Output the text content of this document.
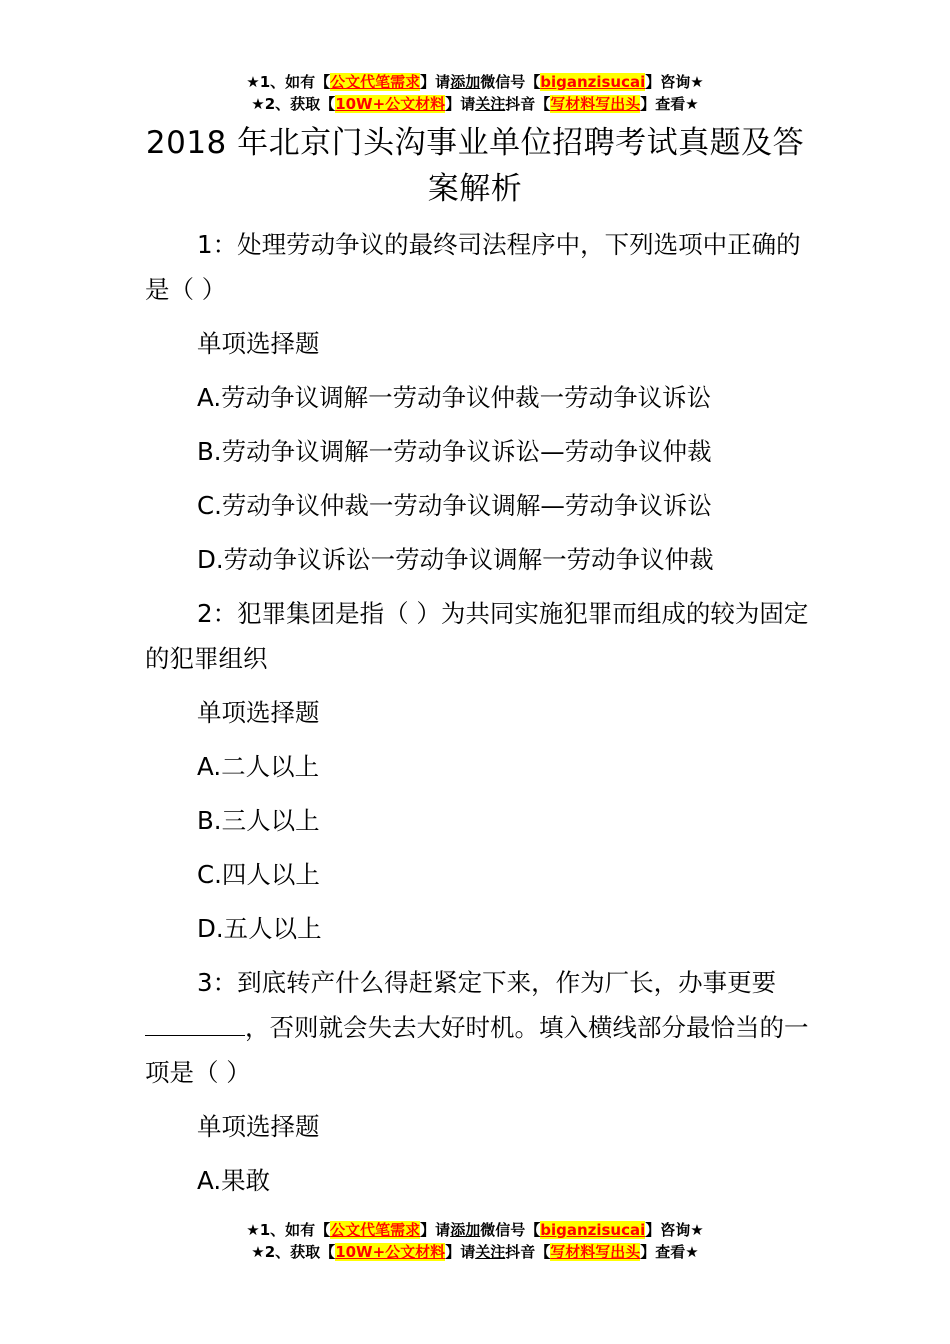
★1、如有【公文代笔需求】请添加微信号【biganzisucai】咨询★
★2、获取【10W+公文材料】请关注抖音【写材料写出头】查看★
2018 年北京门头沟事业单位招聘考试真题及答案解析

1：处理劳动争议的最终司法程序中，下列选项中正确的是（ ）

单项选择题

A.劳动争议调解一劳动争议仲裁一劳动争议诉讼

B.劳动争议调解一劳动争议诉讼—劳动争议仲裁

C.劳动争议仲裁一劳动争议调解—劳动争议诉讼

D.劳动争议诉讼一劳动争议调解一劳动争议仲裁

2：犯罪集团是指（ ）为共同实施犯罪而组成的较为固定的犯罪组织

单项选择题

A.二人以上

B.三人以上

C.四人以上

D.五人以上

3：到底转产什么得赶紧定下来，作为厂长，办事更要，否则就会失去大好时机。填入横线部分最恰当的一项是（ ）

单项选择题

A.果敢

★1、如有【公文代笔需求】请添加微信号【biganzisucai】咨询★
★2、获取【10W+公文材料】请关注抖音【写材料写出头】查看★
